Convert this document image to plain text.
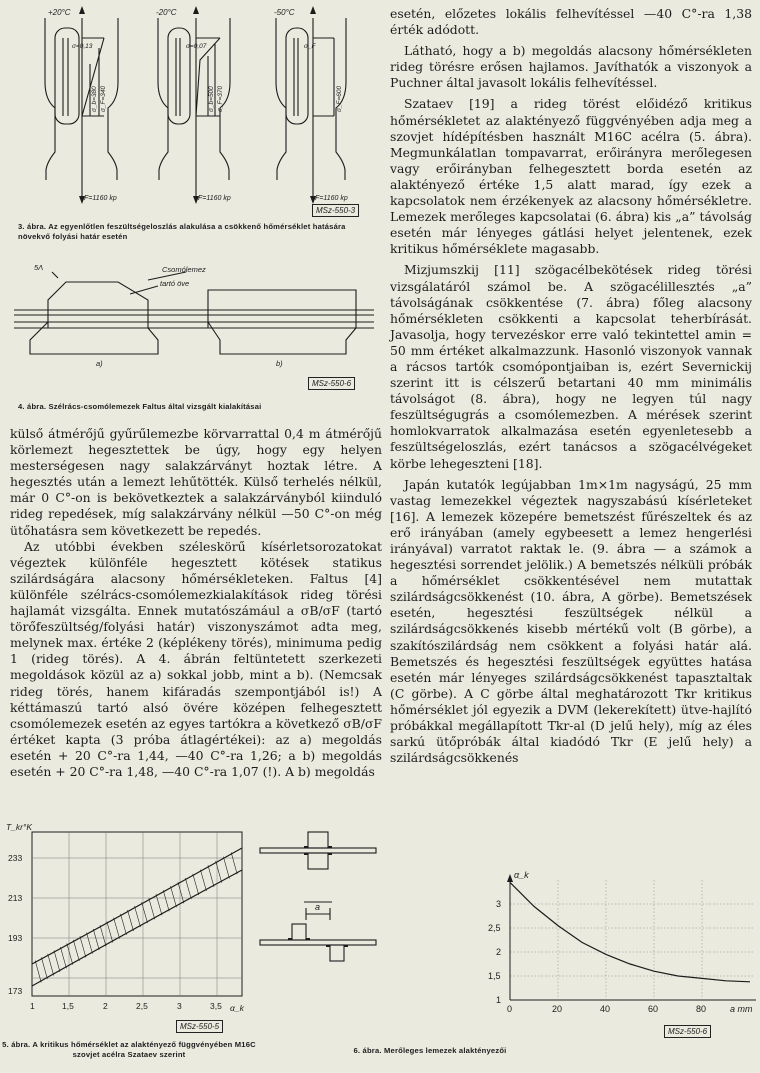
+20°C	-20°C	-50°C
σ=0,13	σ=0,07	σ_F
σ_b=380 σ_F=340	σ_b=500 σ_F=370	σ_F=600
F=1160 kp	F=1160 kp	F=1160 kp
MSz-550-3
3. ábra. Az egyenlőtlen feszültségeloszlás alakulása a csökkenő hőmérséklet hatására növekvő folyási határ esetén
5Ʌ	Csomólemez
tartó öve
a)	b)
MSz-550-6
4. ábra. Szélrács-csomólemezek Faltus által vizsgált kialakításai

külső átmérőjű gyűrűlemezbe körvarrattal 0,4 m átmérőjű körlemezt hegesztettek be úgy, hogy egy helyen mesterségesen nagy salakzárványt hoztak létre. A hegesztés után a lemezt lehűtötték. Külső terhelés nélkül, már 0 C°-on is bekövetkeztek a salakzárványból kiinduló rideg repedések, míg salakzárvány nélkül —50 C°-on még ütőhatásra sem következett be repedés.

Az utóbbi években széleskörű kísérletsorozatokat végeztek különféle hegesztett kötések statikus szilárdságára alacsony hőmérsékleteken. Faltus [4] különféle szélrács-csomólemezkialakítások rideg törési hajlamát vizsgálta. Ennek mutatószámául a σB/σF (tartó törőfeszültség/folyási határ) viszonyszámot adta meg, melynek max. értéke 2 (képlékeny törés), minimuma pedig 1 (rideg törés). A 4. ábrán feltüntetett szerkezeti megoldások közül az a) sokkal jobb, mint a b). (Nemcsak rideg törés, hanem kifáradás szempontjából is!) A kéttámaszú tartó alsó övére középen felhegesztett csomólemezek esetén az egyes tartókra a következő σB/σF értéket kapta (3 próba átlagértékei): az a) megoldás esetén + 20 C°-ra 1,44, —40 C°-ra 1,26; a b) megoldás esetén + 20 C°-ra 1,48, —40 C°-ra 1,07 (!). A b) megoldás

esetén, előzetes lokális felhevítéssel —40 C°-ra 1,38 érték adódott.

Látható, hogy a b) megoldás alacsony hőmérsékleten rideg törésre erősen hajlamos. Javíthatók a viszonyok a Puchner által javasolt lokális felhevítéssel.

Szataev [19] a rideg törést előidéző kritikus hőmérsékletet az alaktényező függvényében adja meg a szovjet hídépítésben használt M16C acélra (5. ábra). Megmunkálatlan tompavarrat, erőirányra merőlegesen vagy erőirányban felhegesztett borda esetén az alaktényező értéke 1,5 alatt marad, így ezek a kapcsolatok nem érzékenyek az alacsony hőmérsékletre. Lemezek merőleges kapcsolatai (6. ábra) kis „a” távolság esetén már lényeges gátlási helyet jelentenek, ezek kritikus hőmérséklete magasabb.

Mizjumszkij [11] szögacélbekötések rideg törési vizsgálatáról számol be. A szögacélillesztés „a” távolságának csökkentése (7. ábra) főleg alacsony hőmérsékleten csökkenti a kapcsolat teherbírását. Javasolja, hogy tervezéskor erre való tekintettel amin = 50 mm értéket alkalmazzunk. Hasonló viszonyok vannak a rácsos tartók csomópontjaiban is, ezért Severnickij szerint itt is célszerű betartani 40 mm minimális távolságot (8. ábra), hogy ne legyen túl nagy feszültségugrás a csomólemezben. A mérések szerint homlokvarratok alkalmazása esetén egyenletesebb a feszültségeloszlás, ezért tanácsos a szögacélvégeket körbe lehegeszteni [18].

Japán kutatók legújabban 1m×1m nagyságú, 25 mm vastag lemezekkel végeztek nagyszabású kísérleteket [16]. A lemezek közepére bemetszést fűrészeltek és az erő irányában (amely egybeesett a lemez hengerlési irányával) varratot raktak le. (9. ábra — a számok a hegesztési sorrendet jelölik.) A bemetszés nélküli próbák a hőmérséklet csökkentésével nem mutattak szilárdságcsökkenést (10. ábra, A görbe). Bemetszések esetén, hegesztési feszültségek nélkül a szilárdságcsökkenés kisebb mértékű volt (B görbe), a szakítószilárdság nem csökkent a folyási határ alá. Bemetszés és hegesztési feszültségek együttes hatása esetén már lényeges szilárdságcsökkenést tapasztaltak (C görbe). A C görbe által meghatározott Tkr kritikus hőmérséklet jól egyezik a DVM (lekerekített) ütve-hajlító próbákkal megállapított Tkr-al (D jelű hely), míg az éles sarkú ütőpróbák által kiadódó Tkr (E jelű hely) a szilárdságcsökkenés

T_kr°K
233
213
193
173
1	1,5	2	2,5	3	3,5 α_k
MSz-550-5
5. ábra. A kritikus hőmérséklet az alaktényező függvényében M16C szovjet acélra Szataev szerint
a
α_k
3
2,5
2
1,5
1
0	20	40	60	80	a mm
MSz-550-6
6. ábra. Merőleges lemezek alaktényezői
